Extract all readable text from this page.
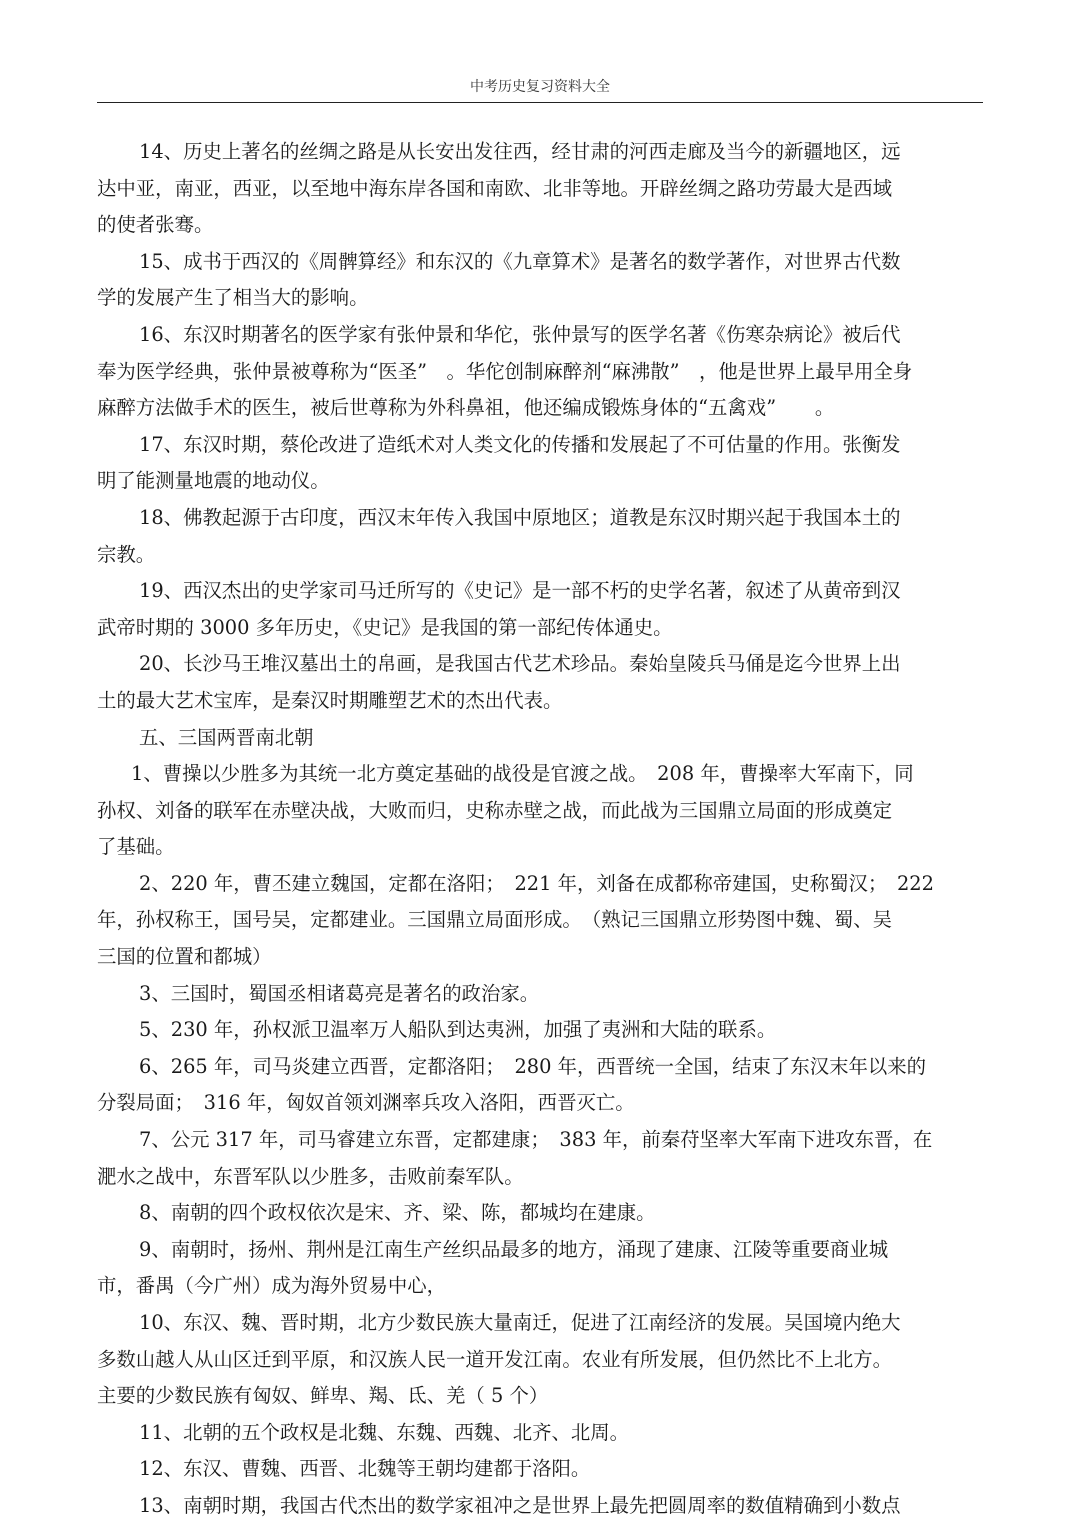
中考历史复习资料大全

14、历史上著名的丝绸之路是从长安出发往西，经甘肃的河西走廊及当今的新疆地区，远

达中亚，南亚，西亚，以至地中海东岸各国和南欧、北非等地。开辟丝绸之路功劳最大是西域

的使者张骞。

15、成书于西汉的《周髀算经》和东汉的《九章算术》是著名的数学著作，对世界古代数

学的发展产生了相当大的影响。

16、东汉时期著名的医学家有张仲景和华佗，张仲景写的医学名著《伤寒杂病论》被后代

奉为医学经典，张仲景被尊称为“医圣”　。华佗创制麻醉剂“麻沸散”　，他是世界上最早用全身

麻醉方法做手术的医生，被后世尊称为外科鼻祖，他还编成锻炼身体的“五禽戏”　　。

17、东汉时期，蔡伦改进了造纸术对人类文化的传播和发展起了不可估量的作用。张衡发

明了能测量地震的地动仪。

18、佛教起源于古印度，西汉末年传入我国中原地区；道教是东汉时期兴起于我国本土的

宗教。

19、西汉杰出的史学家司马迁所写的《史记》是一部不朽的史学名著，叙述了从黄帝到汉

武帝时期的 3000 多年历史，《史记》是我国的第一部纪传体通史。

20、长沙马王堆汉墓出土的帛画，是我国古代艺术珍品。秦始皇陵兵马俑是迄今世界上出

土的最大艺术宝库，是秦汉时期雕塑艺术的杰出代表。

五、三国两晋南北朝

1、曹操以少胜多为其统一北方奠定基础的战役是官渡之战。　208 年，曹操率大军南下，同

孙权、刘备的联军在赤壁决战，大败而归，史称赤壁之战，而此战为三国鼎立局面的形成奠定

了基础。

2、220 年，曹丕建立魏国，定都在洛阳；　221 年，刘备在成都称帝建国，史称蜀汉；　222

年，孙权称王，国号吴，定都建业。三国鼎立局面形成。　（熟记三国鼎立形势图中魏、蜀、吴

三国的位置和都城）

3、三国时，蜀国丞相诸葛亮是著名的政治家。

5、230 年，孙权派卫温率万人船队到达夷洲，加强了夷洲和大陆的联系。

6、265 年，司马炎建立西晋，定都洛阳；　280 年，西晋统一全国，结束了东汉末年以来的

分裂局面；　316 年，匈奴首领刘渊率兵攻入洛阳，西晋灭亡。

7、公元 317 年，司马睿建立东晋，定都建康；　383 年，前秦苻坚率大军南下进攻东晋，在

淝水之战中，东晋军队以少胜多，击败前秦军队。

8、南朝的四个政权依次是宋、齐、梁、陈，都城均在建康。

9、南朝时，扬州、荆州是江南生产丝织品最多的地方，涌现了建康、江陵等重要商业城

市，番禺（今广州）成为海外贸易中心，

10、东汉、魏、晋时期，北方少数民族大量南迁，促进了江南经济的发展。吴国境内绝大

多数山越人从山区迁到平原，和汉族人民一道开发江南。农业有所发展，但仍然比不上北方。

主要的少数民族有匈奴、鲜卑、羯、氐、羌（ 5 个）

11、北朝的五个政权是北魏、东魏、西魏、北齐、北周。

12、东汉、曹魏、西晋、北魏等王朝均建都于洛阳。

13、南朝时期，我国古代杰出的数学家祖冲之是世界上最先把圆周率的数值精确到小数点
